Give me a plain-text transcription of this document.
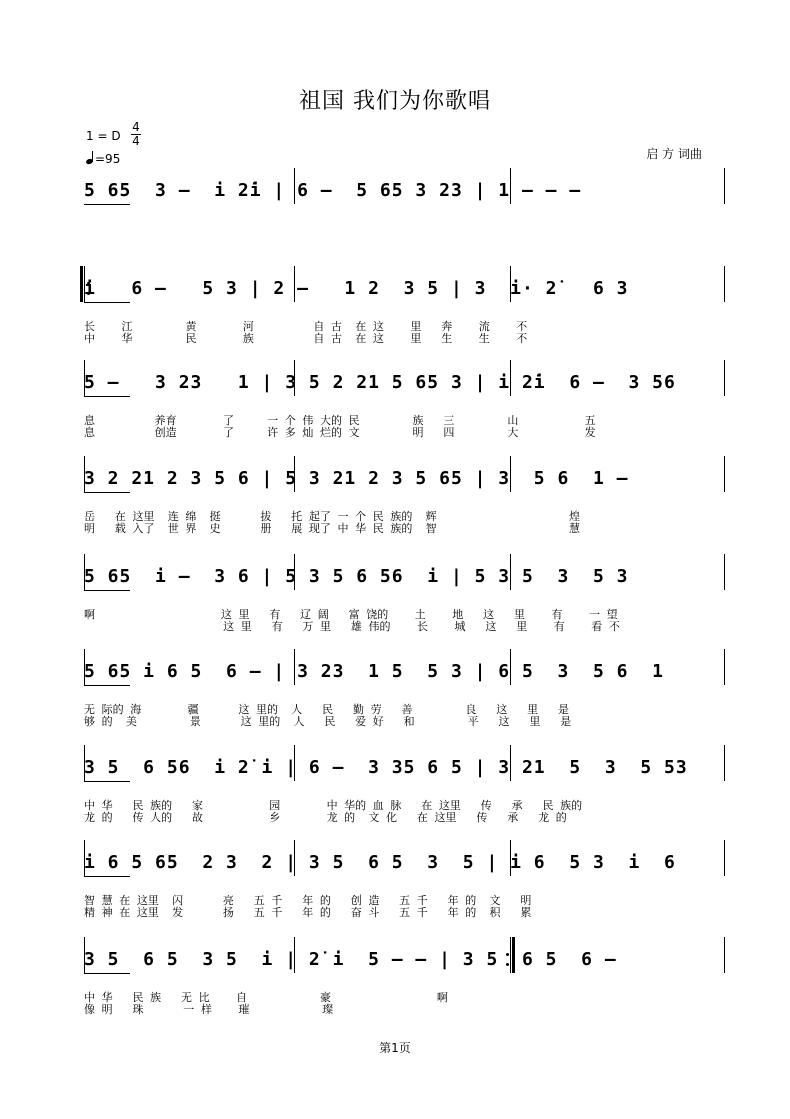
祖国 我们为你歌唱
1 = D
4
4
=95	启 方 词曲
5 65  3 –  i 2̇i | 6 –  5 65 3 23 | 1 – – –
i   6 –   5 3 | 2 –   1 2  3 5 | 3  i· 2̇   6 3
长    江        黄       河         自 古  在 这    里   奔    流    不
中    华        民       族         自 古  在 这    里   生    生    不
5 –   3 23   1 | 3 5 2 21 5 65 3 | i 2̇i  6 –  3 56
息         养育       了     一 个 伟 大的 民        族   三        山          五
息         创造       了     许 多 灿 烂的 文        明   四        大          发
3 2 21 2 3 5 6 | 5 3 21 2 3 5 65 | 3  5 6  1 –
岳   在 这里  连 绵  挺      拔   托 起了 一 个 民 族的  辉                    煌
明   载 入了  世 界  史      册   展 现了 中 华 民 族的  智                    慧
5 65  i –  3 6 | 5 3 5 6 56  i | 5 3 5  3  5 3
啊                   这 里   有   辽 阔   富 饶的    土    地   这   里    有    一 望
这 里   有   万 里   雄 伟的    长    城   这   里    有    看 不
5 65 i 6 5  6 – | 3 23  1 5  5 3 | 6 5  3  5 6  1
无 际的 海       疆      这 里的  人   民   勤 劳   善        良   这   里   是
够 的  美        景      这 里的  人   民   爱 好   和        平   这   里   是
3 5  6 56  i 2̇ i | 6 –  3 35 6 5 | 3 21  5  3  5 53
中 华   民 族的   家          园       中 华的 血 脉   在 这里   传   承   民 族的
龙 的   传 人的   故          乡       龙 的  文 化   在 这里   传   承   龙 的
i 6 5 65  2 3  2 | 3 5  6 5  3  5 | i 6  5 3  i  6
智 慧 在 这里  闪      亮   五 千   年 的   创 造   五 千   年 的  文   明
精 神 在 这里  发      扬   五 千   年 的   奋 斗   五 千   年 的  积   累
3 5  6 5  3 5  i | 2̇ i  5 – – | 3 5  6 5  6 –
中 华   民 族   无 比    自           豪                啊
像 明   珠      一 样    璀           璨
第1页
